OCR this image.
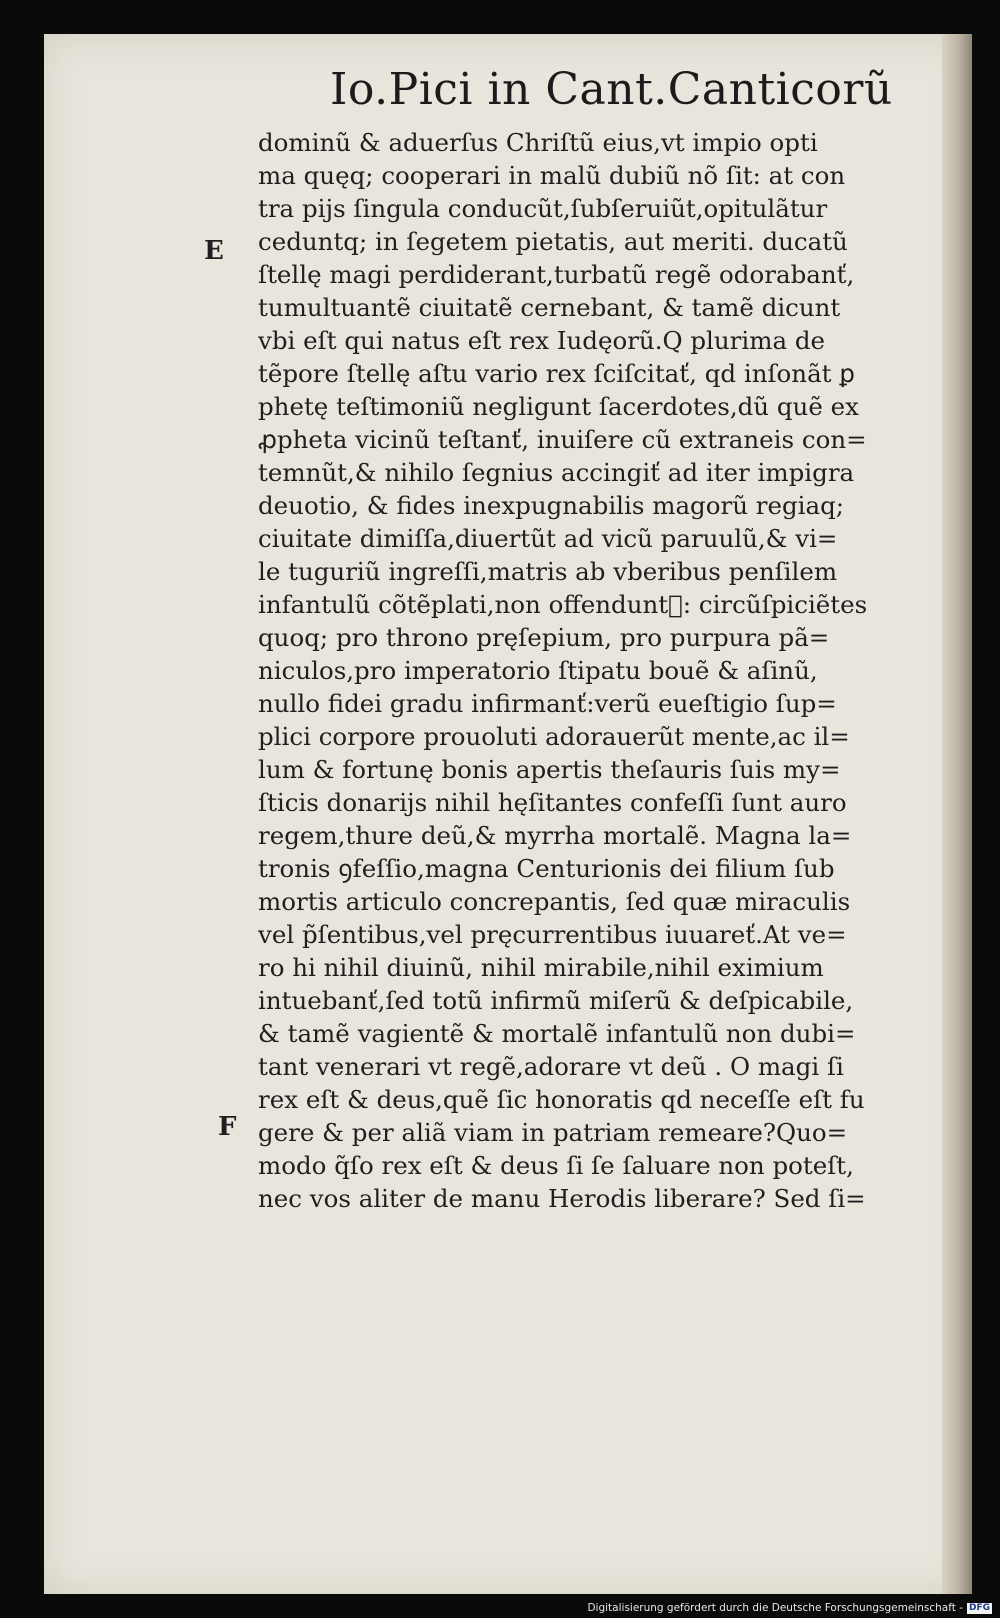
Io.Pici in Cant.Canticorũ
E
F
dominũ & aduerſus Chriſtũ eius,vt impio opti
ma quęq; cooperari in malũ dubiũ nõ ſit: at con
tra pijs ſingula conducũt,ſubſeruiũt,opitulãtur
ceduntq; in ſegetem pietatis, aut meriti. ducatũ
ſtellę magi perdiderant,turbatũ regẽ odorabanť,
tumultuantẽ ciuitatẽ cernebant, & tamẽ dicunt
vbi eſt qui natus eſt rex Iudęorũ.Q plurima de
tẽpore ſtellę aſtu vario rex ſciſcitať, qd inſonãt ꝑ
phetę teſtimoniũ negligunt ſacerdotes,dũ quẽ ex
ꝓpheta vicinũ teſtanť, inuiſere cũ extraneis con=
temnũt,& nihilo ſegnius accingiť ad iter impigra
deuotio, & fides inexpugnabilis magorũ regiaq;
ciuitate dimiſſa,diuertũt ad vicũ paruulũ,& vi=
le tuguriũ ingreſſi,matris ab vberibus penſilem
infantulũ cõtẽplati,non offenduntᷣ: circũſpiciẽtes
quoq; pro throno pręſepium, pro purpura pã=
niculos,pro imperatorio ſtipatu bouẽ & aſinũ,
nullo fidei gradu infirmanť:verũ eueſtigio ſup=
plici corpore prouoluti adorauerũt mente,ac il=
lum & fortunę bonis apertis theſauris ſuis my=
ſticis donarijs nihil hęſitantes confeſſi ſunt auro
regem,thure deũ,& myrrha mortalẽ. Magna la=
tronis ꝯfeſſio,magna Centurionis dei filium ſub
mortis articulo concrepantis, ſed quæ miraculis
vel p̃ſentibus,vel pręcurrentibus iuuareť.At ve=
ro hi nihil diuinũ, nihil mirabile,nihil eximium
intuebanť,ſed totũ infirmũ miſerũ & deſpicabile,
& tamẽ vagientẽ & mortalẽ infantulũ non dubi=
tant venerari vt regẽ,adorare vt deũ . O magi ſi
rex eſt & deus,quẽ ſic honoratis qd neceſſe eſt fu
gere & per aliã viam in patriam remeare?Quo=
modo q̃ſo rex eſt & deus ſi ſe ſaluare non poteſt,
nec vos aliter de manu Herodis liberare? Sed ſi=
Digitalisierung gefördert durch die Deutsche Forschungsgemeinschaft - DFG
